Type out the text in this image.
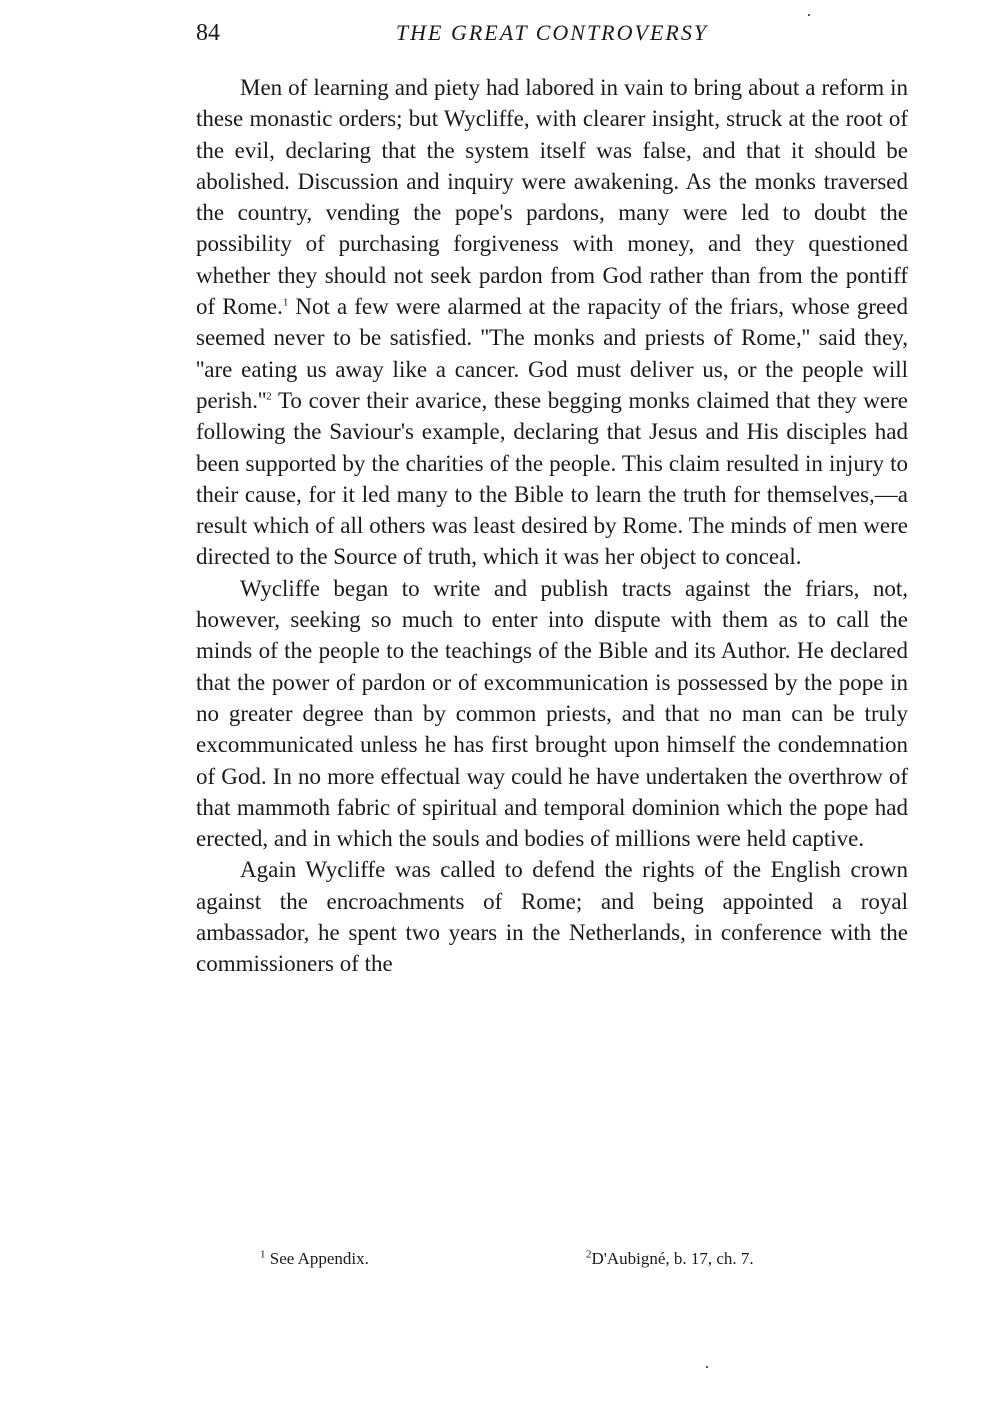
84	THE GREAT CONTROVERSY

Men of learning and piety had labored in vain to bring about a reform in these monastic orders; but Wycliffe, with clearer insight, struck at the root of the evil, declaring that the system itself was false, and that it should be abolished. Discussion and inquiry were awakening. As the monks traversed the country, vending the pope's pardons, many were led to doubt the possibility of purchasing forgiveness with money, and they questioned whether they should not seek pardon from God rather than from the pontiff of Rome.$^1$ Not a few were alarmed at the rapacity of the friars, whose greed seemed never to be satisfied. ''The monks and priests of Rome,'' said they, ''are eating us away like a cancer. God must deliver us, or the people will $perish.''^2$ To cover their avarice, these begging monks claimed that they were following the Saviour's example, declaring that Jesus and His disciples had been supported by the charities of the people. This claim resulted in injury to their cause, for it led many to the Bible to learn the truth for themselves,—a result which of all others was least desired by Rome. The minds of men were directed to the Source of truth, which it was her object to conceal.

Wycliffe began to write and publish tracts against the friars, not, however, seeking so much to enter into dispute with them as to call the minds of the people to the teachings of the Bible and its Author. He declared that the power of pardon or of excommunication is possessed by the pope in no greater degree than by common priests, and that no man can be truly excommunicated unless he has first brought upon himself the condemnation of God. In no more effectual way could he have undertaken the overthrow of that mammoth fabric of spiritual and temporal dominion which the pope had erected, and in which the souls and bodies of millions were held captive.

Again Wycliffe was called to defend the rights of the English crown against the encroachments of Rome; and being appointed a royal ambassador, he spent two years in the Netherlands, in conference with the commissioners of the

$^1$ See Appendix.	$^2$D'Aubigné, b. 17, ch. 7.
